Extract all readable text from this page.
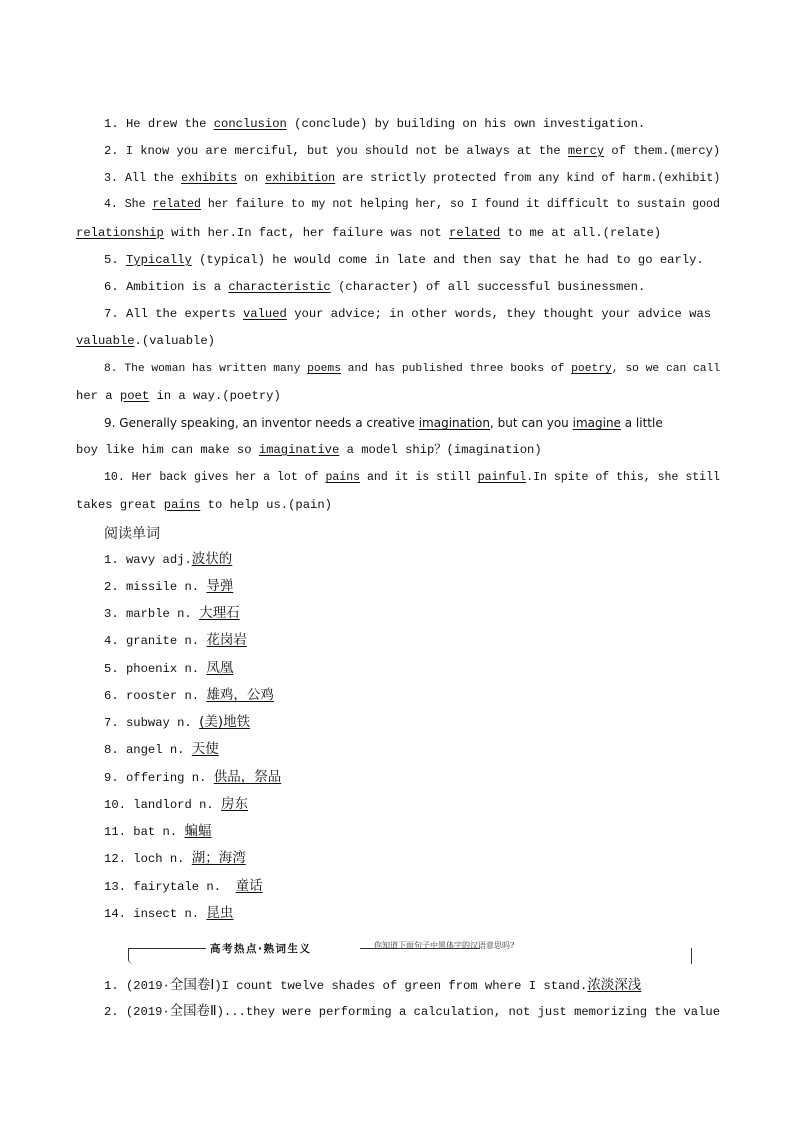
1. He drew the conclusion (conclude) by building on his own investigation.
2. I know you are merciful, but you should not be always at the mercy of them.(mercy)
3. All the exhibits on exhibition are strictly protected from any kind of harm.(exhibit)
4. She related her failure to my not helping her, so I found it difficult to sustain good
relationship with her.In fact, her failure was not related to me at all.(relate)
5. Typically (typical) he would come in late and then say that he had to go early.
6. Ambition is a characteristic (character) of all successful businessmen.
7. All the experts valued your advice; in other words, they thought your advice was
valuable.(valuable)
8. The woman has written many poems and has published three books of poetry, so we can call
her a poet in a way.(poetry)
9. Generally speaking, an inventor needs a creative imagination, but can you imagine a little
boy like him can make so imaginative a model ship？(imagination)
10. Her back gives her a lot of pains and it is still painful.In spite of this, she still
takes great pains to help us.(pain)
阅读单词
1. wavy adj.波状的
2. missile n. 导弹
3. marble n. 大理石
4. granite n. 花岗岩
5. phoenix n. 凤凰
6. rooster n. 雄鸡，公鸡
7. subway n. (美)地铁
8. angel n. 天使
9. offering n. 供品，祭品
10. landlord n. 房东
11. bat n. 蝙蝠
12. loch n. 湖；海湾
13. fairytale n.  童话
14. insect n. 昆虫
高考热点·熟词生义	你知道下面句子中黑体字的汉语意思吗?
1. (2019·全国卷Ⅰ)I count twelve shades of green from where I stand.浓淡深浅
2. (2019·全国卷Ⅱ)...they were performing a calculation, not just memorizing the value
